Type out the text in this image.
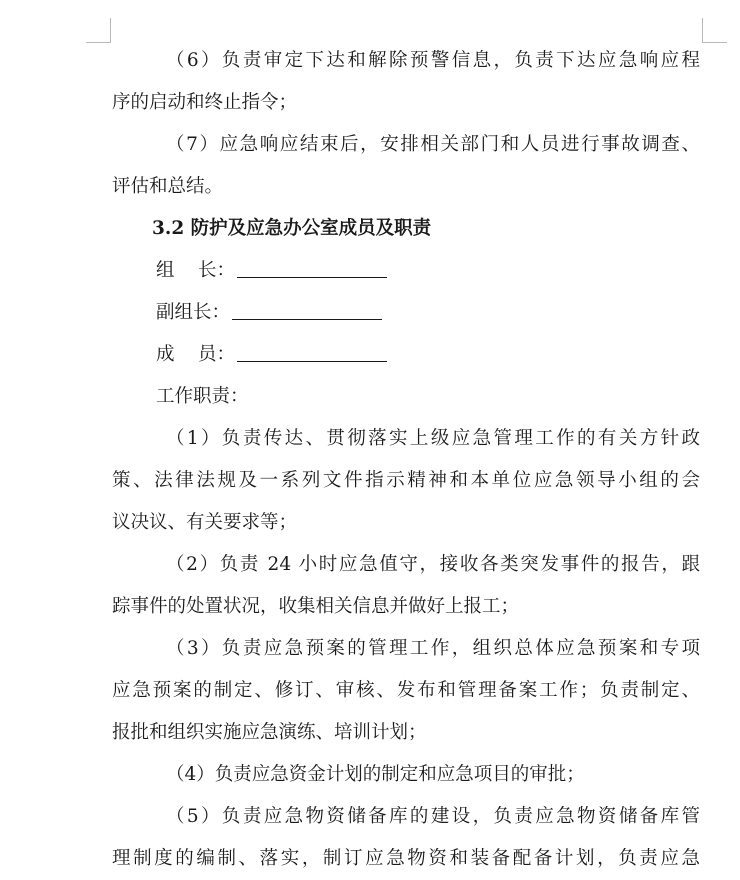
（6）负责审定下达和解除预警信息，负责下达应急响应程
序的启动和终止指令；
（7）应急响应结束后，安排相关部门和人员进行事故调查、
评估和总结。
3.2 防护及应急办公室成员及职责
组    长：
副组长：
成    员：
工作职责：
（1）负责传达、贯彻落实上级应急管理工作的有关方针政
策、法律法规及一系列文件指示精神和本单位应急领导小组的会
议决议、有关要求等；
（2）负责 24 小时应急值守，接收各类突发事件的报告，跟
踪事件的处置状况，收集相关信息并做好上报工；
（3）负责应急预案的管理工作，组织总体应急预案和专项
应急预案的制定、修订、审核、发布和管理备案工作；负责制定、
报批和组织实施应急演练、培训计划；
（4）负责应急资金计划的制定和应急项目的审批；
（5）负责应急物资储备库的建设，负责应急物资储备库管
理制度的编制、落实，制订应急物资和装备配备计划，负责应急
